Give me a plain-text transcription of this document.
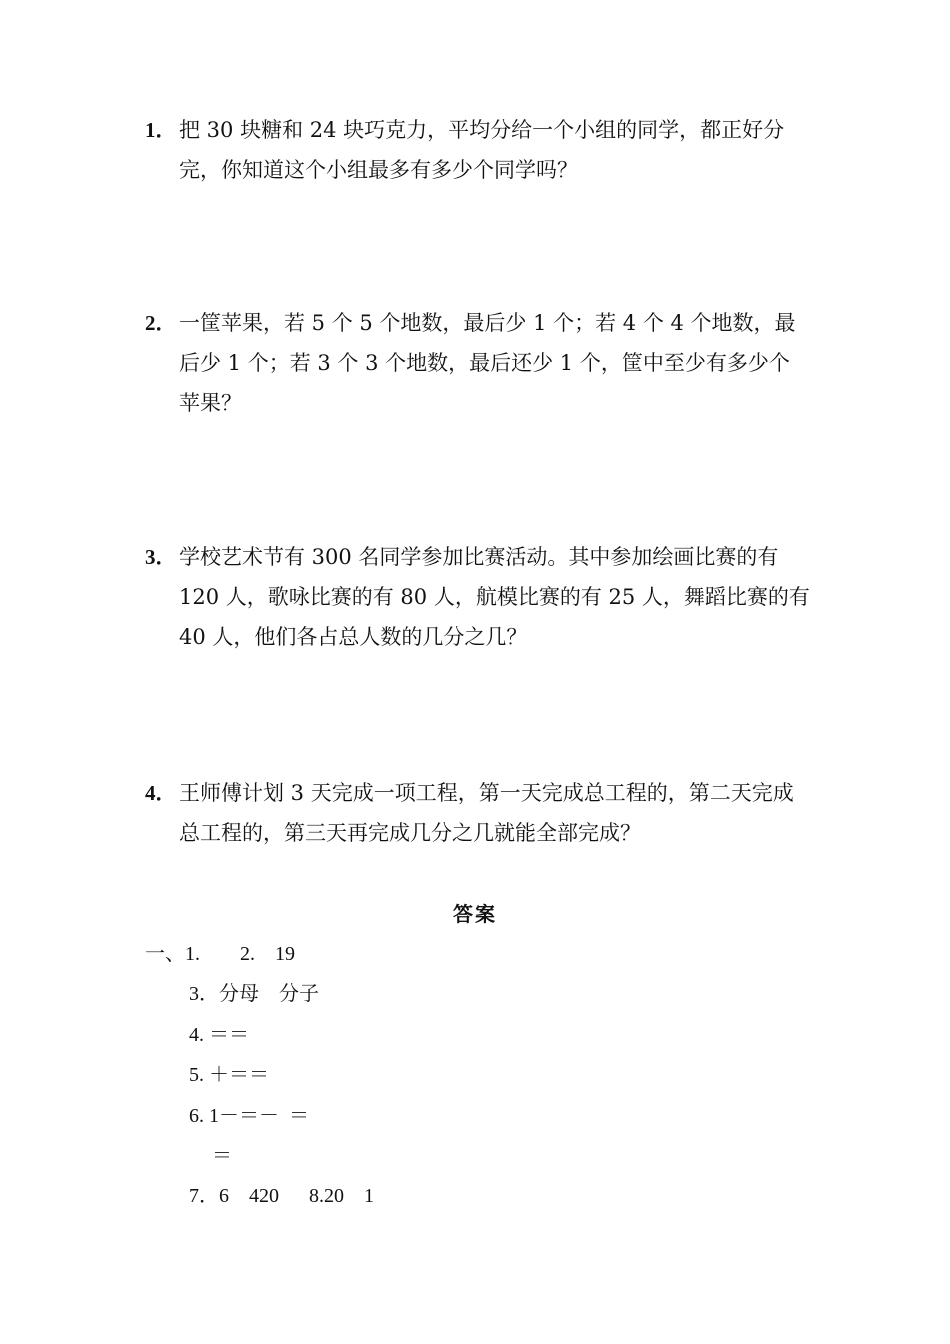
1． 把 30 块糖和 24 块巧克力，平均分给一个小组的同学，都正好分完，你知道这个小组最多有多少个同学吗？
2． 一筐苹果，若 5 个 5 个地数，最后少 1 个；若 4 个 4 个地数，最后少 1 个；若 3 个 3 个地数，最后还少 1 个，筐中至少有多少个苹果？
3． 学校艺术节有 300 名同学参加比赛活动。其中参加绘画比赛的有 120 人，歌咏比赛的有 80 人，航模比赛的有 25 人，舞蹈比赛的有 40 人，他们各占总人数的几分之几？
4． 王师傅计划 3 天完成一项工程，第一天完成总工程的，第二天完成总工程的，第三天再完成几分之几就能全部完成？
答案
一、1.        2.    19
3．分母    分子
4. ＝＝
5. ＋＝＝
6. 1－＝－  ＝
＝
7．6    420      8.20    1
